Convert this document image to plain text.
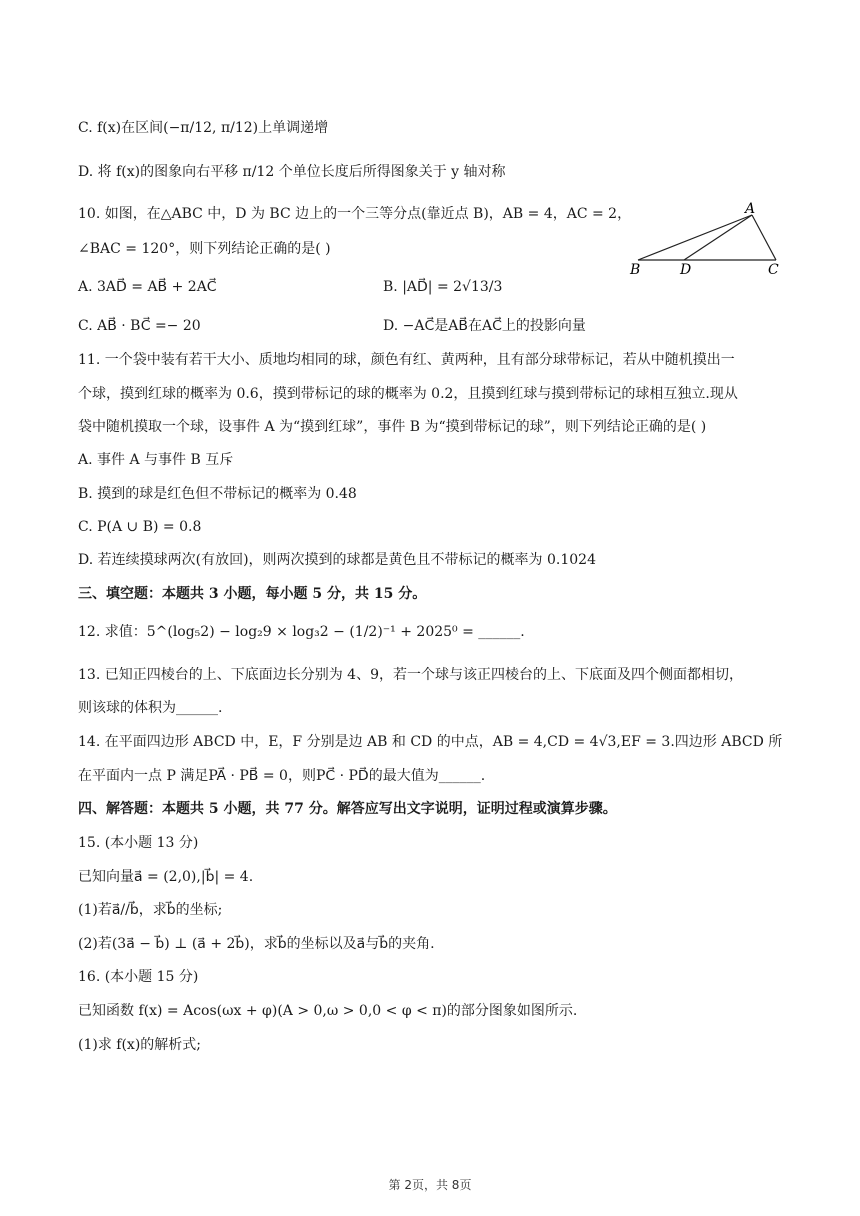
C. f(x)在区间(−π/12, π/12)上单调递增
D. 将 f(x)的图象向右平移 π/12 个单位长度后所得图象关于 y 轴对称
10. 如图，在△ABC 中，D 为 BC 边上的一个三等分点(靠近点 B)，AB = 4，AC = 2，
∠BAC = 120°，则下列结论正确的是( )
A. 3AD⃗ = AB⃗ + 2AC⃗	B. |AD⃗| = 2√13/3
C. AB⃗ · BC⃗ =− 20	D. −AC⃗是AB⃗在AC⃗上的投影向量
11. 一个袋中装有若干大小、质地均相同的球，颜色有红、黄两种，且有部分球带标记，若从中随机摸出一
个球，摸到红球的概率为 0.6，摸到带标记的球的概率为 0.2，且摸到红球与摸到带标记的球相互独立.现从
袋中随机摸取一个球，设事件 A 为“摸到红球”，事件 B 为“摸到带标记的球”，则下列结论正确的是( )
A. 事件 A 与事件 B 互斥
B. 摸到的球是红色但不带标记的概率为 0.48
C. P(A ∪ B) = 0.8
D. 若连续摸球两次(有放回)，则两次摸到的球都是黄色且不带标记的概率为 0.1024
三、填空题：本题共 3 小题，每小题 5 分，共 15 分。
12. 求值：5^(log₅2) − log₂9 × log₃2 − (1/2)⁻¹ + 2025⁰ = ______.
13. 已知正四棱台的上、下底面边长分别为 4、9，若一个球与该正四棱台的上、下底面及四个侧面都相切，
则该球的体积为______.
14. 在平面四边形 ABCD 中，E，F 分别是边 AB 和 CD 的中点，AB = 4,CD = 4√3,EF = 3.四边形 ABCD 所
在平面内一点 P 满足PA⃗ · PB⃗ = 0，则PC⃗ · PD⃗的最大值为______.
四、解答题：本题共 5 小题，共 77 分。解答应写出文字说明，证明过程或演算步骤。
15. (本小题 13 分)
已知向量a⃗ = (2,0),|b⃗| = 4.
(1)若a⃗//b⃗，求b⃗的坐标;
(2)若(3a⃗ − b⃗) ⊥ (a⃗ + 2b⃗)，求b⃗的坐标以及a⃗与b⃗的夹角.
16. (本小题 15 分)
已知函数 f(x) = Acos(ωx + φ)(A > 0,ω > 0,0 < φ < π)的部分图象如图所示.
(1)求 f(x)的解析式;
A
B	D	C
第 2页，共 8页
